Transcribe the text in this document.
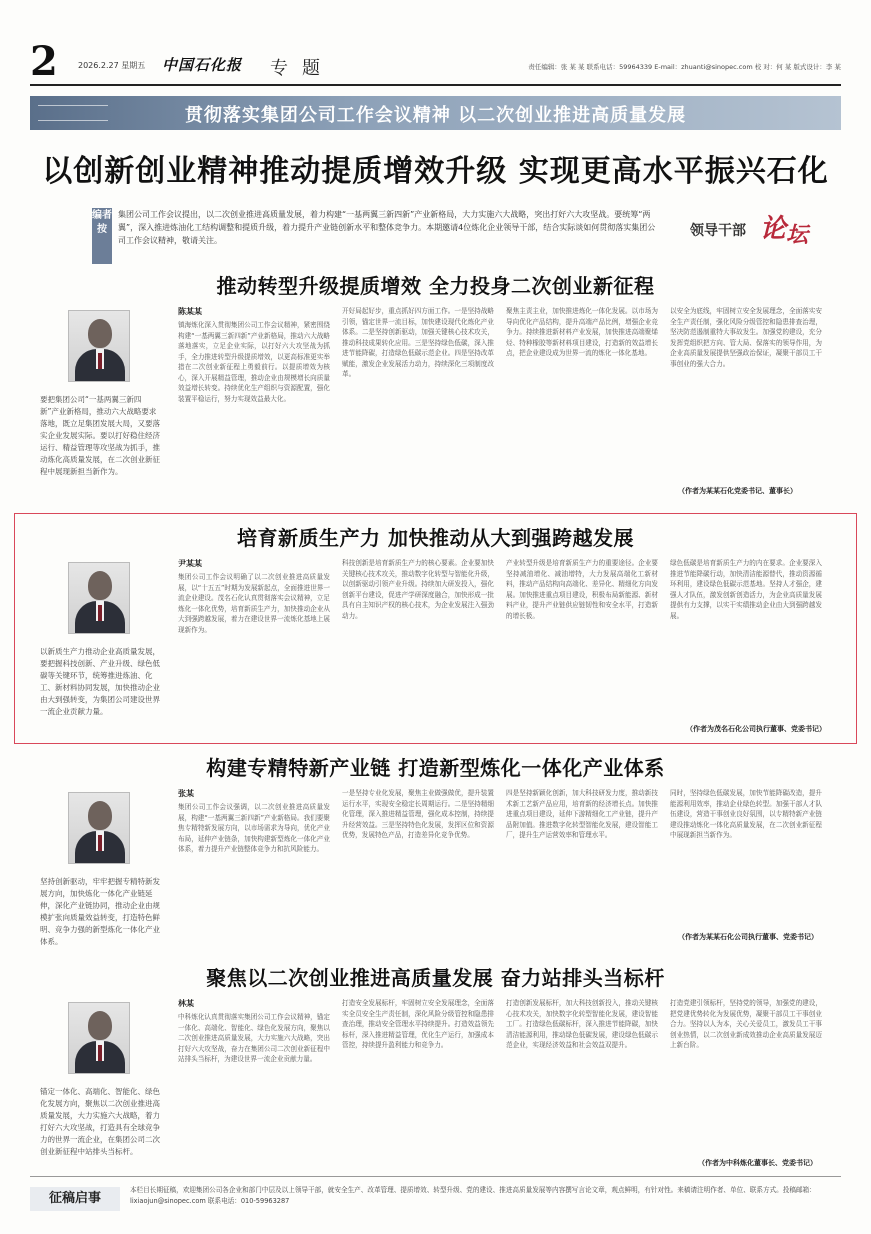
2	2026.2.27 星期五 中国石化报 专题	责任编辑：张 某 某 联系电话：59964339 E-mail：zhuanti@sinopec.com 校 对：何 某 版式设计：李 某
贯彻落实集团公司工作会议精神 以二次创业推进高质量发展
以创新创业精神推动提质增效升级 实现更高水平振兴石化
编者按
集团公司工作会议提出，以二次创业推进高质量发展，着力构建“一基两翼三新四新”产业新格局，大力实施六大战略，突出打好六大攻坚战。要统筹“两翼”，深入推进炼油化工结构调整和提质升级，着力提升产业链创新水平和整体竞争力。本期邀请4位炼化企业领导干部，结合实际谈如何贯彻落实集团公司工作会议精神，敬请关注。
领导干部 论 坛
推动转型升级提质增效 全力投身二次创业新征程
要把集团公司“一基两翼三新四新”产业新格局，推动六大战略要求落地，既立足集团发展大局，又要落实企业发展实际。要以打好稳住经济运行、精益管理等攻坚战为抓手，推动炼化高质量发展，在二次创业新征程中展现新担当新作为。
陈某某
镇海炼化深入贯彻集团公司工作会议精神，紧密围绕构建“一基两翼三新四新”产业新格局，推动六大战略落地落实，立足企业实际，以打好六大攻坚战为抓手，全力推进转型升级提质增效，以更高标准更实举措在二次创业新征程上勇毅前行。以提质增效为核心，深入开展精益管理，推动企业由规模增长向质量效益增长转变。持续优化生产组织与资源配置，强化装置平稳运行，努力实现效益最大化。
开好局起好步，重点抓好四方面工作。一是坚持战略引领，锚定世界一流目标，加快建设现代化炼化产业体系。二是坚持创新驱动，加强关键核心技术攻关，推动科技成果转化应用。三是坚持绿色低碳，深入推进节能降碳，打造绿色低碳示范企业。四是坚持改革赋能，激发企业发展活力动力，持续深化三项制度改革。
聚焦主责主业，加快推进炼化一体化发展。以市场为导向优化产品结构，提升高端产品比例，增强企业竞争力。持续推进新材料产业发展，加快推进高端聚烯烃、特种橡胶等新材料项目建设，打造新的效益增长点，把企业建设成为世界一流的炼化一体化基地。
以安全为底线，牢固树立安全发展理念，全面落实安全生产责任制，强化风险分级管控和隐患排查治理，坚决防范遏制重特大事故发生。加强党的建设，充分发挥党组织把方向、管大局、保落实的领导作用，为企业高质量发展提供坚强政治保证，凝聚干部员工干事创业的强大合力。
（作者为某某石化党委书记、董事长）
培育新质生产力 加快推动从大到强跨越发展
以新质生产力推动企业高质量发展，要把握科技创新、产业升级、绿色低碳等关键环节，统筹推进炼油、化工、新材料协同发展，加快推动企业由大到强转变，为集团公司建设世界一流企业贡献力量。
尹某某
集团公司工作会议明确了以二次创业推进高质量发展，以“十五五”时期为发展新起点，全面推进世界一流企业建设。茂名石化认真贯彻落实会议精神，立足炼化一体化优势，培育新质生产力，加快推动企业从大到强跨越发展，着力在建设世界一流炼化基地上展现新作为。
科技创新是培育新质生产力的核心要素。企业要加快关键核心技术攻关，推动数字化转型与智能化升级，以创新驱动引领产业升级。持续加大研发投入，强化创新平台建设，促进产学研深度融合，加快形成一批具有自主知识产权的核心技术，为企业发展注入强劲动力。
产业转型升级是培育新质生产力的重要途径。企业要坚持减油增化、减油增特，大力发展高端化工新材料，推动产品结构向高端化、差异化、精细化方向发展。加快推进重点项目建设，积极布局新能源、新材料产业，提升产业链供应链韧性和安全水平，打造新的增长极。
绿色低碳是培育新质生产力的内在要求。企业要深入推进节能降碳行动，加快清洁能源替代，推动资源循环利用，建设绿色低碳示范基地。坚持人才强企，建强人才队伍，激发创新创造活力，为企业高质量发展提供有力支撑，以实干实绩推动企业由大到强跨越发展。
（作者为茂名石化公司执行董事、党委书记）
构建专精特新产业链 打造新型炼化一体化产业体系
坚持创新驱动，牢牢把握专精特新发展方向，加快炼化一体化产业链延伸，深化产业链协同，推动企业由规模扩张向质量效益转变，打造特色鲜明、竞争力强的新型炼化一体化产业体系。
张某
集团公司工作会议强调，以二次创业推进高质量发展，构建“一基两翼三新四新”产业新格局。我们要聚焦专精特新发展方向，以市场需求为导向，优化产业布局，延伸产业链条，加快构建新型炼化一体化产业体系，着力提升产业链整体竞争力和抗风险能力。
一是坚持专业化发展，聚焦主业做强做优，提升装置运行水平，实现安全稳定长周期运行。二是坚持精细化管理，深入推进精益管理，强化成本控制，持续提升经营效益。三是坚持特色化发展，发挥区位和资源优势，发展特色产品，打造差异化竞争优势。
四是坚持新颖化创新，加大科技研发力度，推动新技术新工艺新产品应用，培育新的经济增长点。加快推进重点项目建设，延伸下游精细化工产业链，提升产品附加值。推进数字化转型智能化发展，建设智能工厂，提升生产运营效率和管理水平。
同时，坚持绿色低碳发展，加快节能降碳改造，提升能源利用效率，推动企业绿色转型。加强干部人才队伍建设，营造干事创业良好氛围，以专精特新产业链建设推动炼化一体化高质量发展，在二次创业新征程中展现新担当新作为。
（作者为某某石化公司执行董事、党委书记）
聚焦以二次创业推进高质量发展 奋力站排头当标杆
锚定一体化、高端化、智能化、绿色化发展方向，聚焦以二次创业推进高质量发展，大力实施六大战略，着力打好六大攻坚战，打造具有全球竞争力的世界一流企业，在集团公司二次创业新征程中站排头当标杆。
林某
中科炼化认真贯彻落实集团公司工作会议精神，锚定一体化、高端化、智能化、绿色化发展方向，聚焦以二次创业推进高质量发展，大力实施六大战略，突出打好六大攻坚战，奋力在集团公司二次创业新征程中站排头当标杆，为建设世界一流企业贡献力量。
打造安全发展标杆，牢固树立安全发展理念，全面落实全员安全生产责任制，深化风险分级管控和隐患排查治理，推动安全管理水平持续提升。打造效益领先标杆，深入推进精益管理，优化生产运行，加强成本管控，持续提升盈利能力和竞争力。
打造创新发展标杆，加大科技创新投入，推动关键核心技术攻关，加快数字化转型智能化发展，建设智能工厂。打造绿色低碳标杆，深入推进节能降碳，加快清洁能源利用，推动绿色低碳发展，建设绿色低碳示范企业，实现经济效益和社会效益双提升。
打造党建引领标杆，坚持党的领导，加强党的建设，把党建优势转化为发展优势，凝聚干部员工干事创业合力。坚持以人为本，关心关爱员工，激发员工干事创业热情，以二次创业新成效推动企业高质量发展迈上新台阶。
（作者为中科炼化董事长、党委书记）
征稿启事
本栏目长期征稿，欢迎集团公司各企业和部门中层及以上领导干部，就安全生产、改革管理、提质增效、转型升级、党的建设、推进高质量发展等内容撰写言论文章，观点鲜明，有针对性。来稿请注明作者、单位、联系方式。投稿邮箱：lixiaojun@sinopec.com 联系电话：010-59963287
